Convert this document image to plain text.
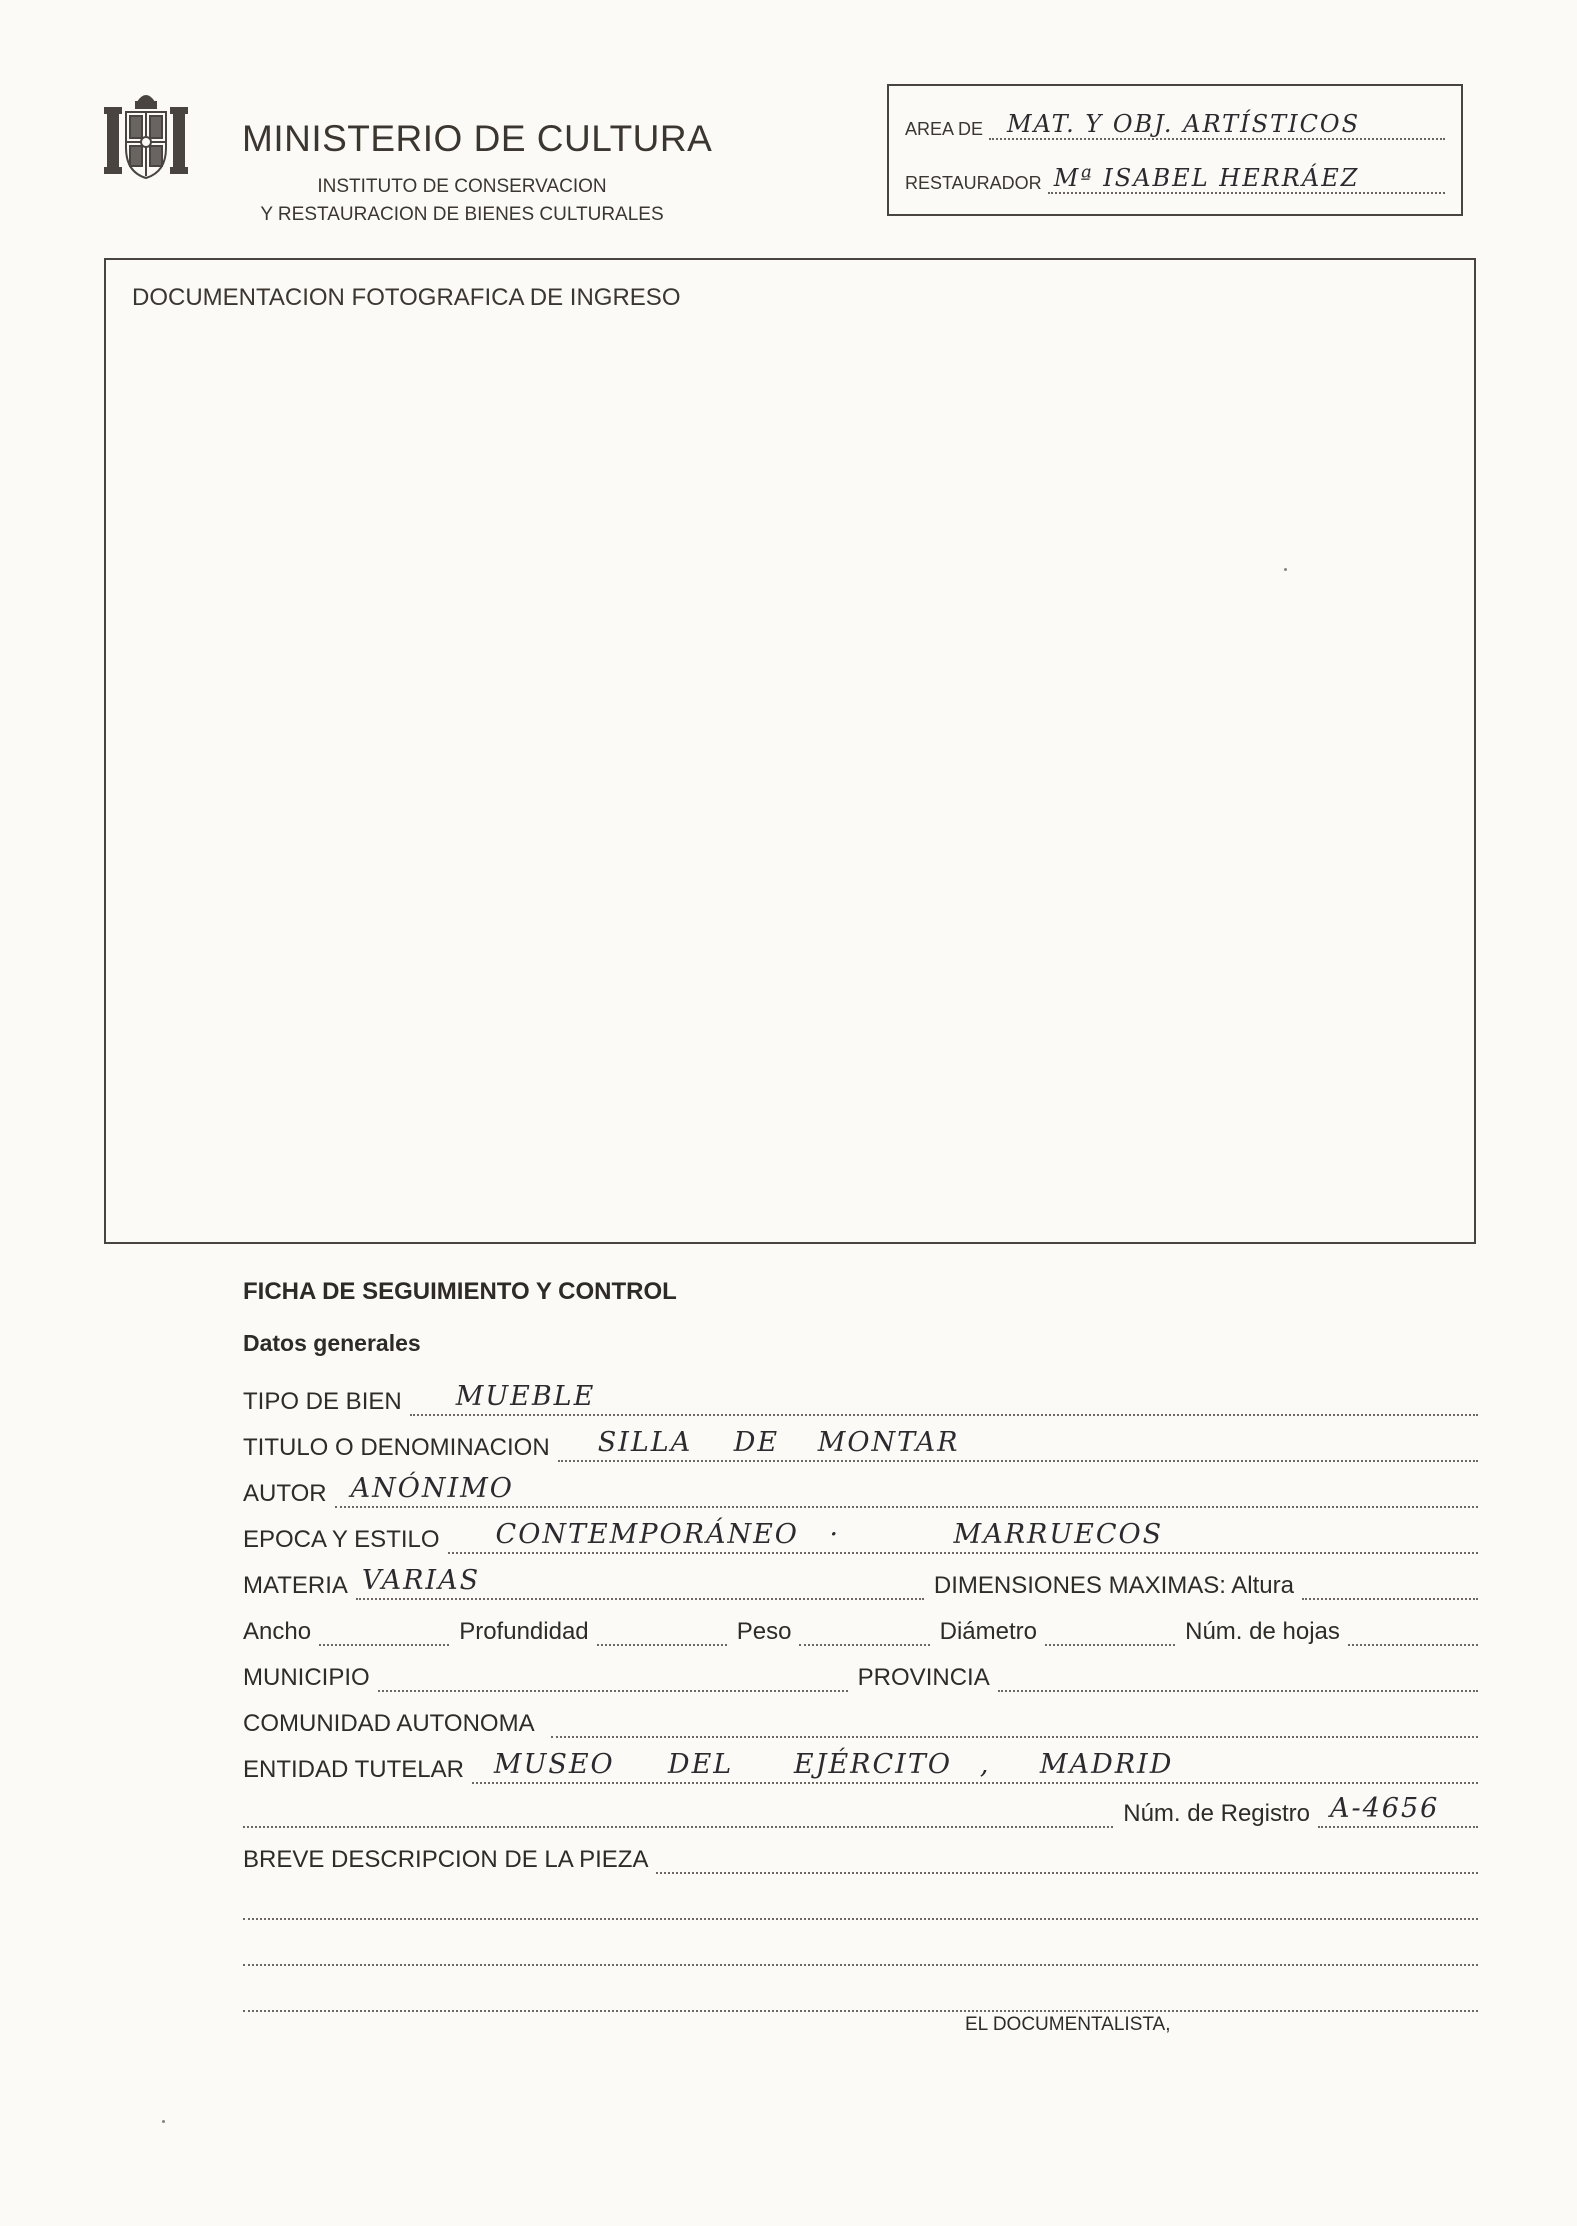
MINISTERIO DE CULTURA
INSTITUTO DE CONSERVACION
Y RESTAURACION DE BIENES CULTURALES
AREA DE MAT. Y OBJ. ARTÍSTICOS
RESTAURADOR Mª ISABEL HERRÁEZ
DOCUMENTACION FOTOGRAFICA DE INGRESO
FICHA DE SEGUIMIENTO Y CONTROL
Datos generales
TIPO DE BIEN MUEBLE
TITULO O DENOMINACION SILLA DE MONTAR
AUTOR ANÓNIMO
EPOCA Y ESTILO CONTEMPORÁNEO ·	MARRUECOS
MATERIA VARIAS	DIMENSIONES MAXIMAS: Altura
Ancho	Profundidad	Peso	Diámetro	Núm. de hojas
MUNICIPIO	PROVINCIA
COMUNIDAD AUTONOMA
ENTIDAD TUTELAR MUSEO DEL EJÉRCITO , MADRID
Núm. de Registro A-4656
BREVE DESCRIPCION DE LA PIEZA
EL DOCUMENTALISTA,
